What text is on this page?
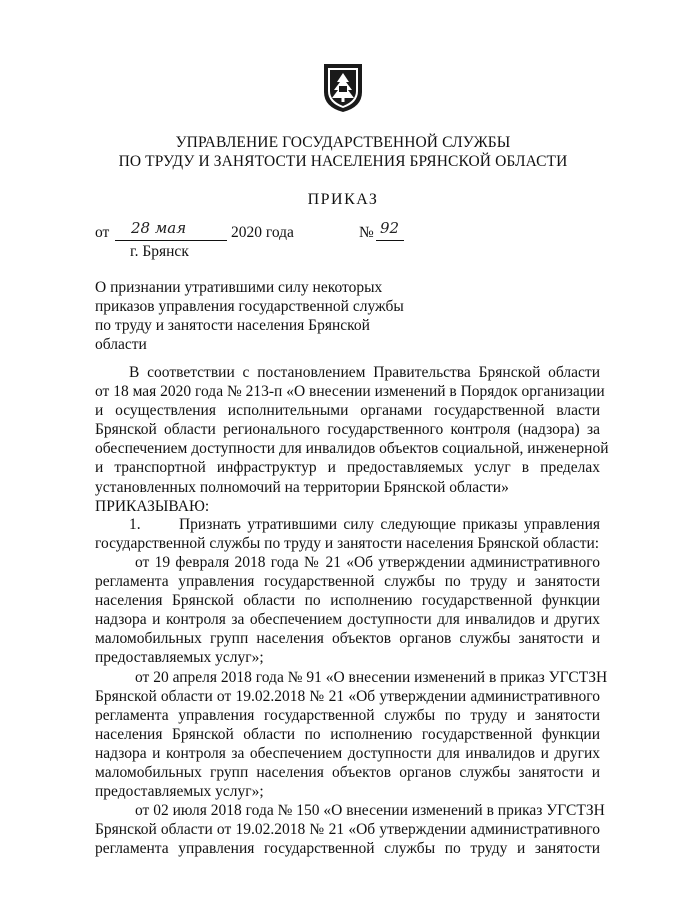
УПРАВЛЕНИЕ ГОСУДАРСТВЕННОЙ СЛУЖБЫ
ПО ТРУДУ И ЗАНЯТОСТИ НАСЕЛЕНИЯ БРЯНСКОЙ ОБЛАСТИ
ПРИКАЗ
от 28 мая	2020 года	№ 92
г. Брянск
О признании утратившими силу некоторых
приказов управления государственной службы
по труду и занятости населения Брянской
области
В соответствии с постановлением Правительства Брянской области
от 18 мая 2020 года № 213-п «О внесении изменений в Порядок организации
и осуществления исполнительными органами государственной власти
Брянской области регионального государственного контроля (надзора) за
обеспечением доступности для инвалидов объектов социальной, инженерной
и транспортной инфраструктур и предоставляемых услуг в пределах
установленных полномочий на территории Брянской области»
ПРИКАЗЫВАЮ:
1. Признать утратившими силу следующие приказы управления
государственной службы по труду и занятости населения Брянской области:
от 19 февраля 2018 года № 21 «Об утверждении административного
регламента управления государственной службы по труду и занятости
населения Брянской области по исполнению государственной функции
надзора и контроля за обеспечением доступности для инвалидов и других
маломобильных групп населения объектов органов службы занятости и
предоставляемых услуг»;
от 20 апреля 2018 года № 91 «О внесении изменений в приказ УГСТЗН
Брянской области от 19.02.2018 № 21 «Об утверждении административного
регламента управления государственной службы по труду и занятости
населения Брянской области по исполнению государственной функции
надзора и контроля за обеспечением доступности для инвалидов и других
маломобильных групп населения объектов органов службы занятости и
предоставляемых услуг»;
от 02 июля 2018 года № 150 «О внесении изменений в приказ УГСТЗН
Брянской области от 19.02.2018 № 21 «Об утверждении административного
регламента управления государственной службы по труду и занятости
